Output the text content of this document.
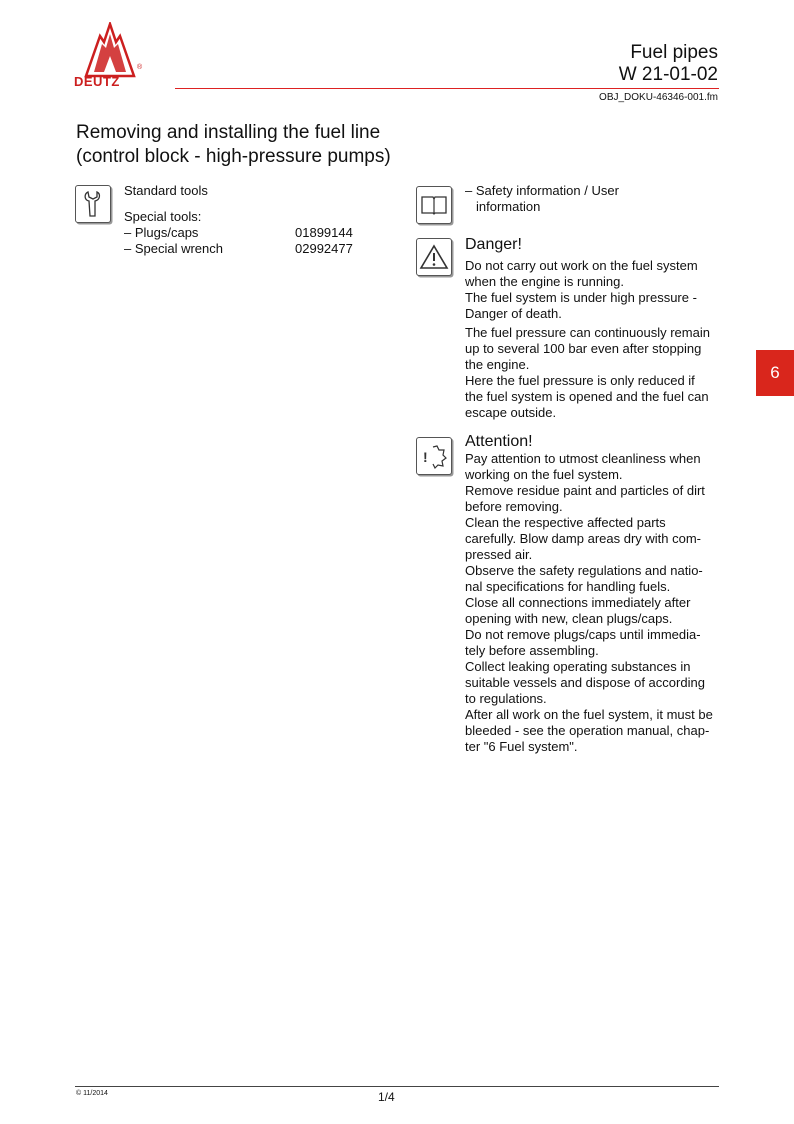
DEUTZ
®
Fuel pipes
W 21-01-02
OBJ_DOKU-46346-001.fm
Removing and installing the fuel line
(control block - high-pressure pumps)
Standard tools
Special tools:
– Plugs/caps	01899144
– Special wrench	02992477
– Safety information / User
information
Danger!
Do not carry out work on the fuel system
when the engine is running.
The fuel system is under high pressure -
Danger of death.
The fuel pressure can continuously remain
up to several 100 bar even after stopping
the engine.
Here the fuel pressure is only reduced if
the fuel system is opened and the fuel can
escape outside.
!
Attention!
Pay attention to utmost cleanliness when
working on the fuel system.
Remove residue paint and particles of dirt
before removing.
Clean the respective affected parts
carefully. Blow damp areas dry with com-
pressed air.
Observe the safety regulations and natio-
nal specifications for handling fuels.
Close all connections immediately after
opening with new, clean plugs/caps.
Do not remove plugs/caps until immedia-
tely before assembling.
Collect leaking operating substances in
suitable vessels and dispose of according
to regulations.
After all work on the fuel system, it must be
bleeded - see the operation manual, chap-
ter "6 Fuel system".
6
© 11/2014	1/4
